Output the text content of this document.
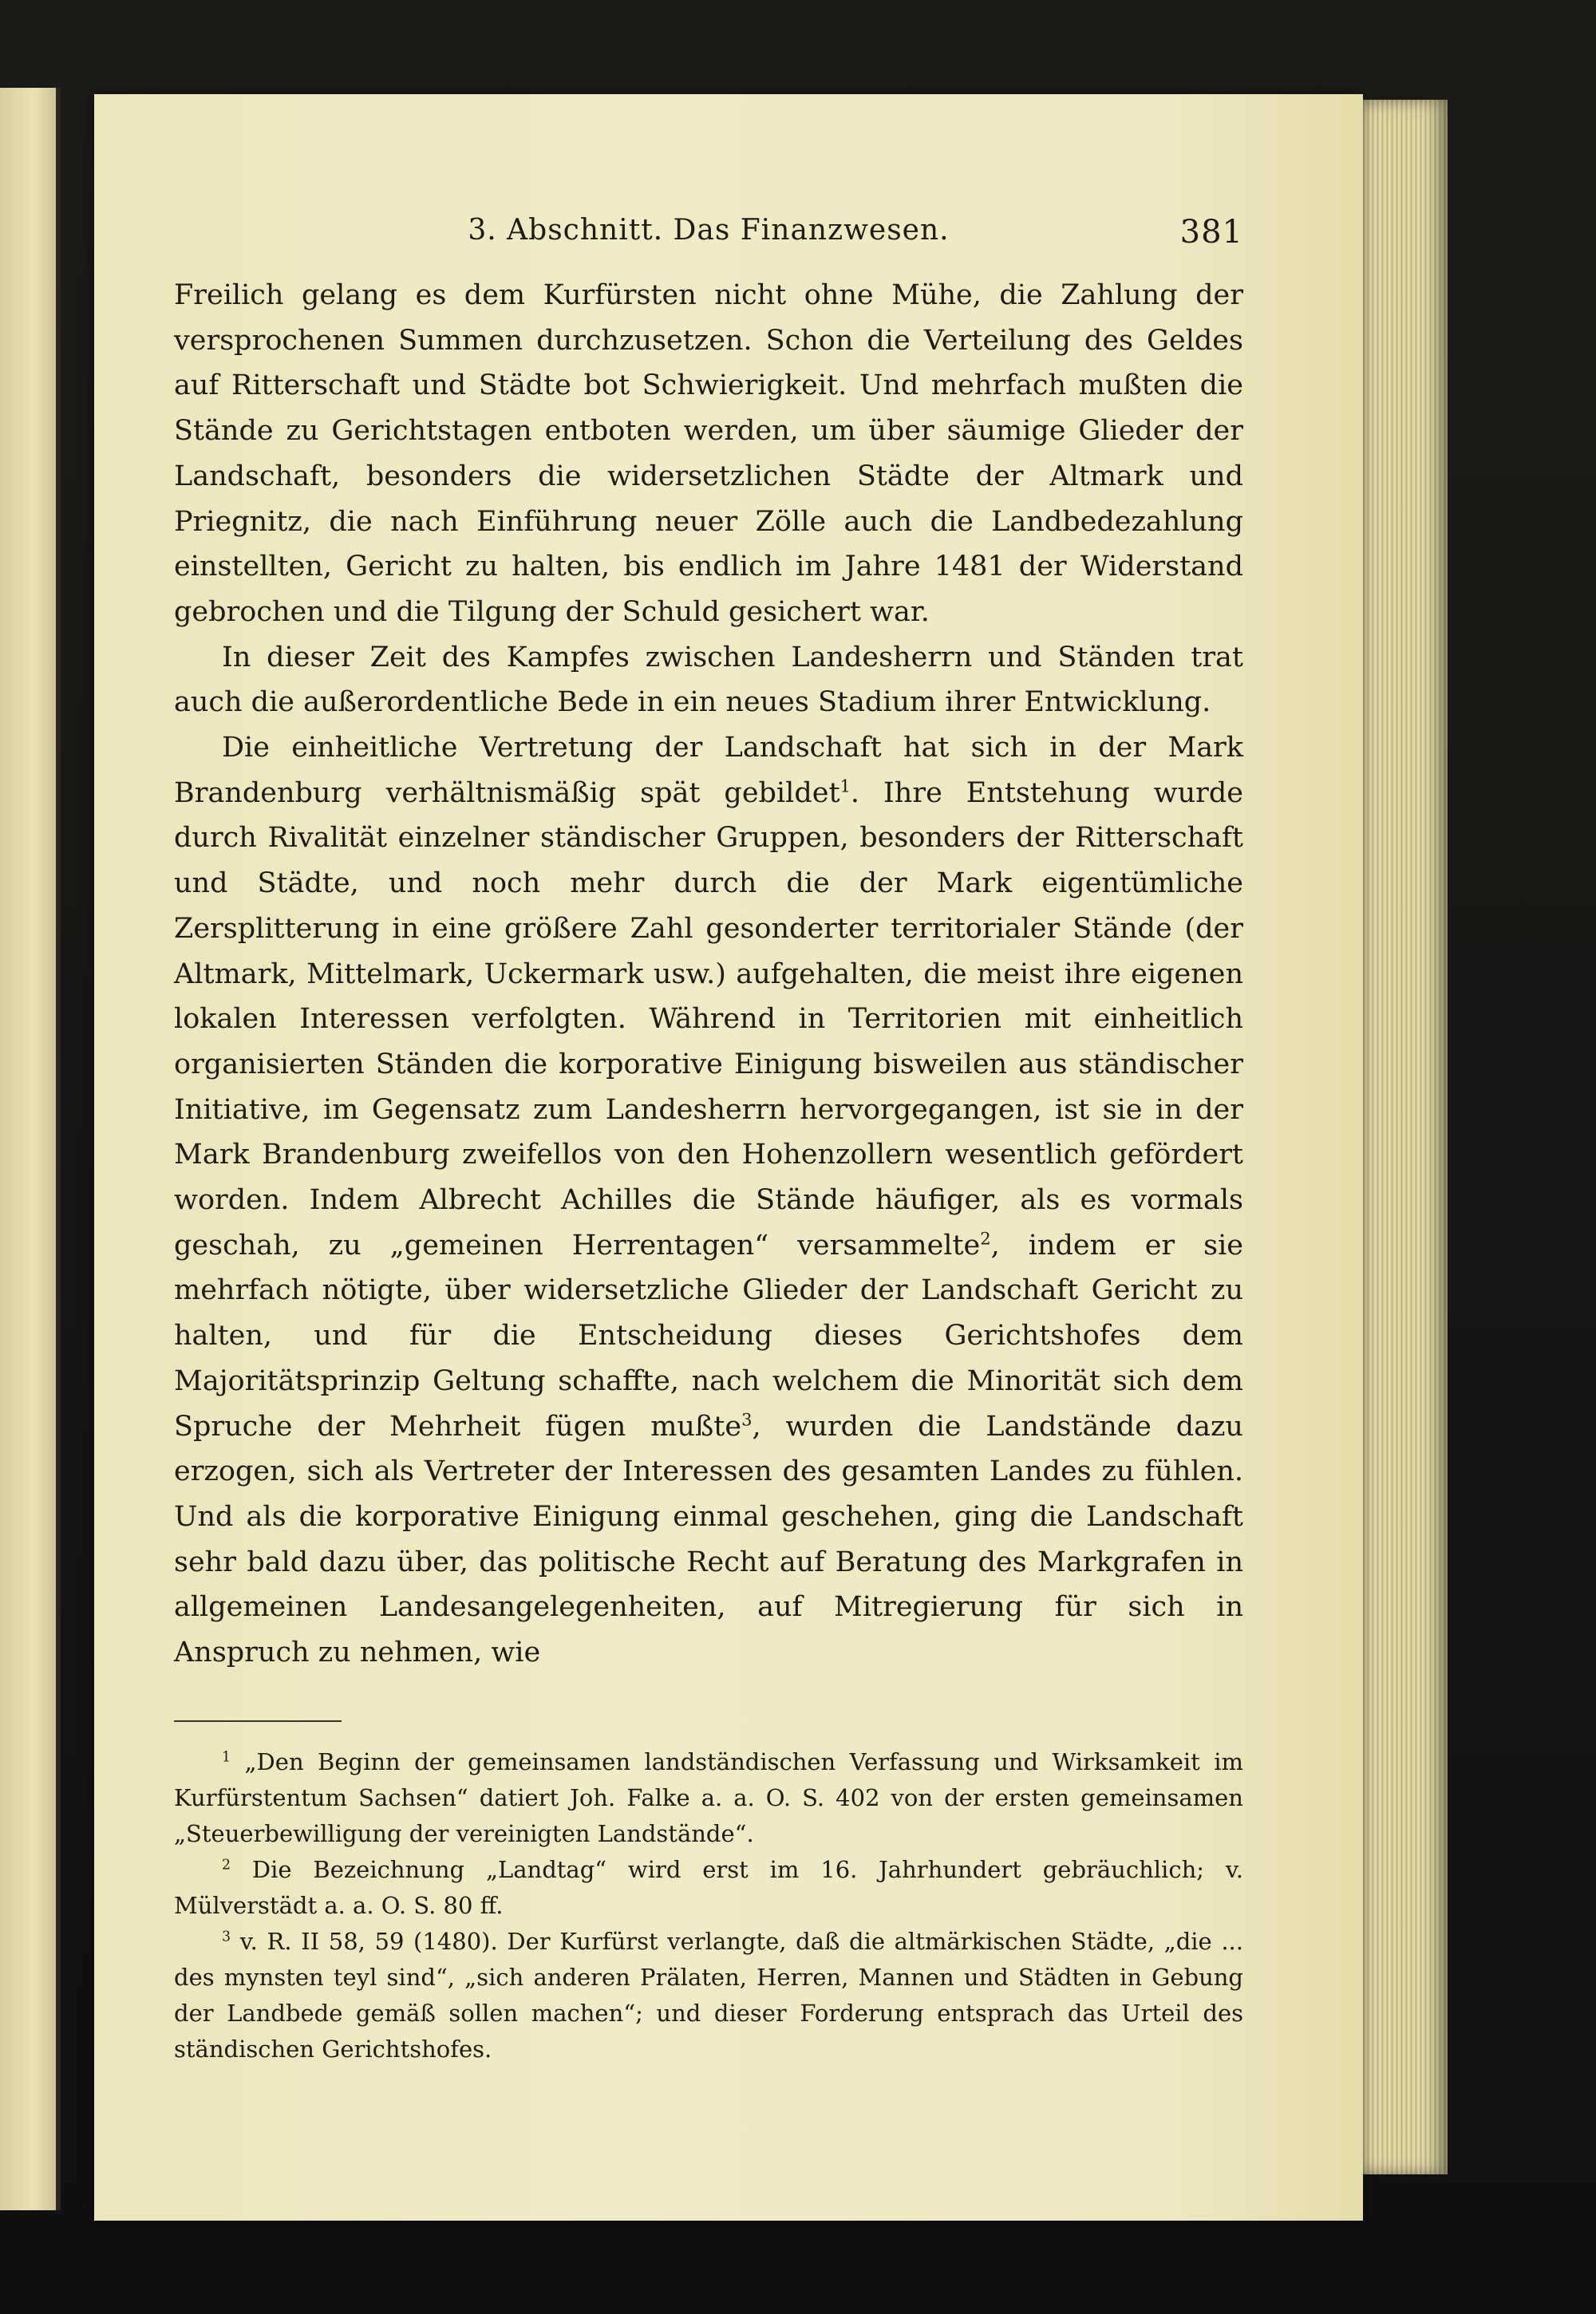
3. Abschnitt. Das Finanzwesen.	381

Freilich gelang es dem Kurfürsten nicht ohne Mühe, die Zahlung der versprochenen Summen durchzusetzen. Schon die Verteilung des Geldes auf Ritterschaft und Städte bot Schwierigkeit. Und mehrfach mußten die Stände zu Gerichtstagen entboten werden, um über säumige Glieder der Landschaft, besonders die widersetzlichen Städte der Altmark und Priegnitz, die nach Einführung neuer Zölle auch die Landbedezahlung einstellten, Gericht zu halten, bis endlich im Jahre 1481 der Widerstand gebrochen und die Tilgung der Schuld gesichert war.

In dieser Zeit des Kampfes zwischen Landesherrn und Ständen trat auch die außerordentliche Bede in ein neues Stadium ihrer Entwicklung.

Die einheitliche Vertretung der Landschaft hat sich in der Mark Brandenburg verhältnismäßig spät gebildet$^1$. Ihre Entstehung wurde durch Rivalität einzelner ständischer Gruppen, besonders der Ritterschaft und Städte, und noch mehr durch die der Mark eigentümliche Zersplitterung in eine größere Zahl gesonderter territorialer Stände (der Altmark, Mittelmark, Uckermark usw.) aufgehalten, die meist ihre eigenen lokalen Interessen verfolgten. Während in Territorien mit einheitlich organisierten Ständen die korporative Einigung bisweilen aus ständischer Initiative, im Gegensatz zum Landesherrn hervorgegangen, ist sie in der Mark Brandenburg zweifellos von den Hohenzollern wesentlich gefördert worden. Indem Albrecht Achilles die Stände häufiger, als es vormals geschah, zu „gemeinen Herrentagen“ versammelte$^2$, indem er sie mehrfach nötigte, über widersetzliche Glieder der Landschaft Gericht zu halten, und für die Entscheidung dieses Gerichtshofes dem Majoritätsprinzip Geltung schaffte, nach welchem die Minorität sich dem Spruche der Mehrheit fügen mußte$^3$, wurden die Landstände dazu erzogen, sich als Vertreter der Interessen des gesamten Landes zu fühlen. Und als die korporative Einigung einmal geschehen, ging die Landschaft sehr bald dazu über, das politische Recht auf Beratung des Markgrafen in allgemeinen Landesangelegenheiten, auf Mitregierung für sich in Anspruch zu nehmen, wie

$^1$ „Den Beginn der gemeinsamen landständischen Verfassung und Wirksamkeit im Kurfürstentum Sachsen“ datiert Joh. Falke a. a. O. S. 402 von der ersten gemeinsamen „Steuerbewilligung der vereinigten Landstände“.

$^2$ Die Bezeichnung „Landtag“ wird erst im 16. Jahrhundert gebräuchlich; v. Mülverstädt a. a. O. S. 80 ff.

$^3$ v. R. II 58, 59 (1480). Der Kurfürst verlangte, daß die altmärkischen Städte, „die ... des mynsten teyl sind“, „sich anderen Prälaten, Herren, Mannen und Städten in Gebung der Landbede gemäß sollen machen“; und dieser Forderung entsprach das Urteil des ständischen Gerichtshofes.
